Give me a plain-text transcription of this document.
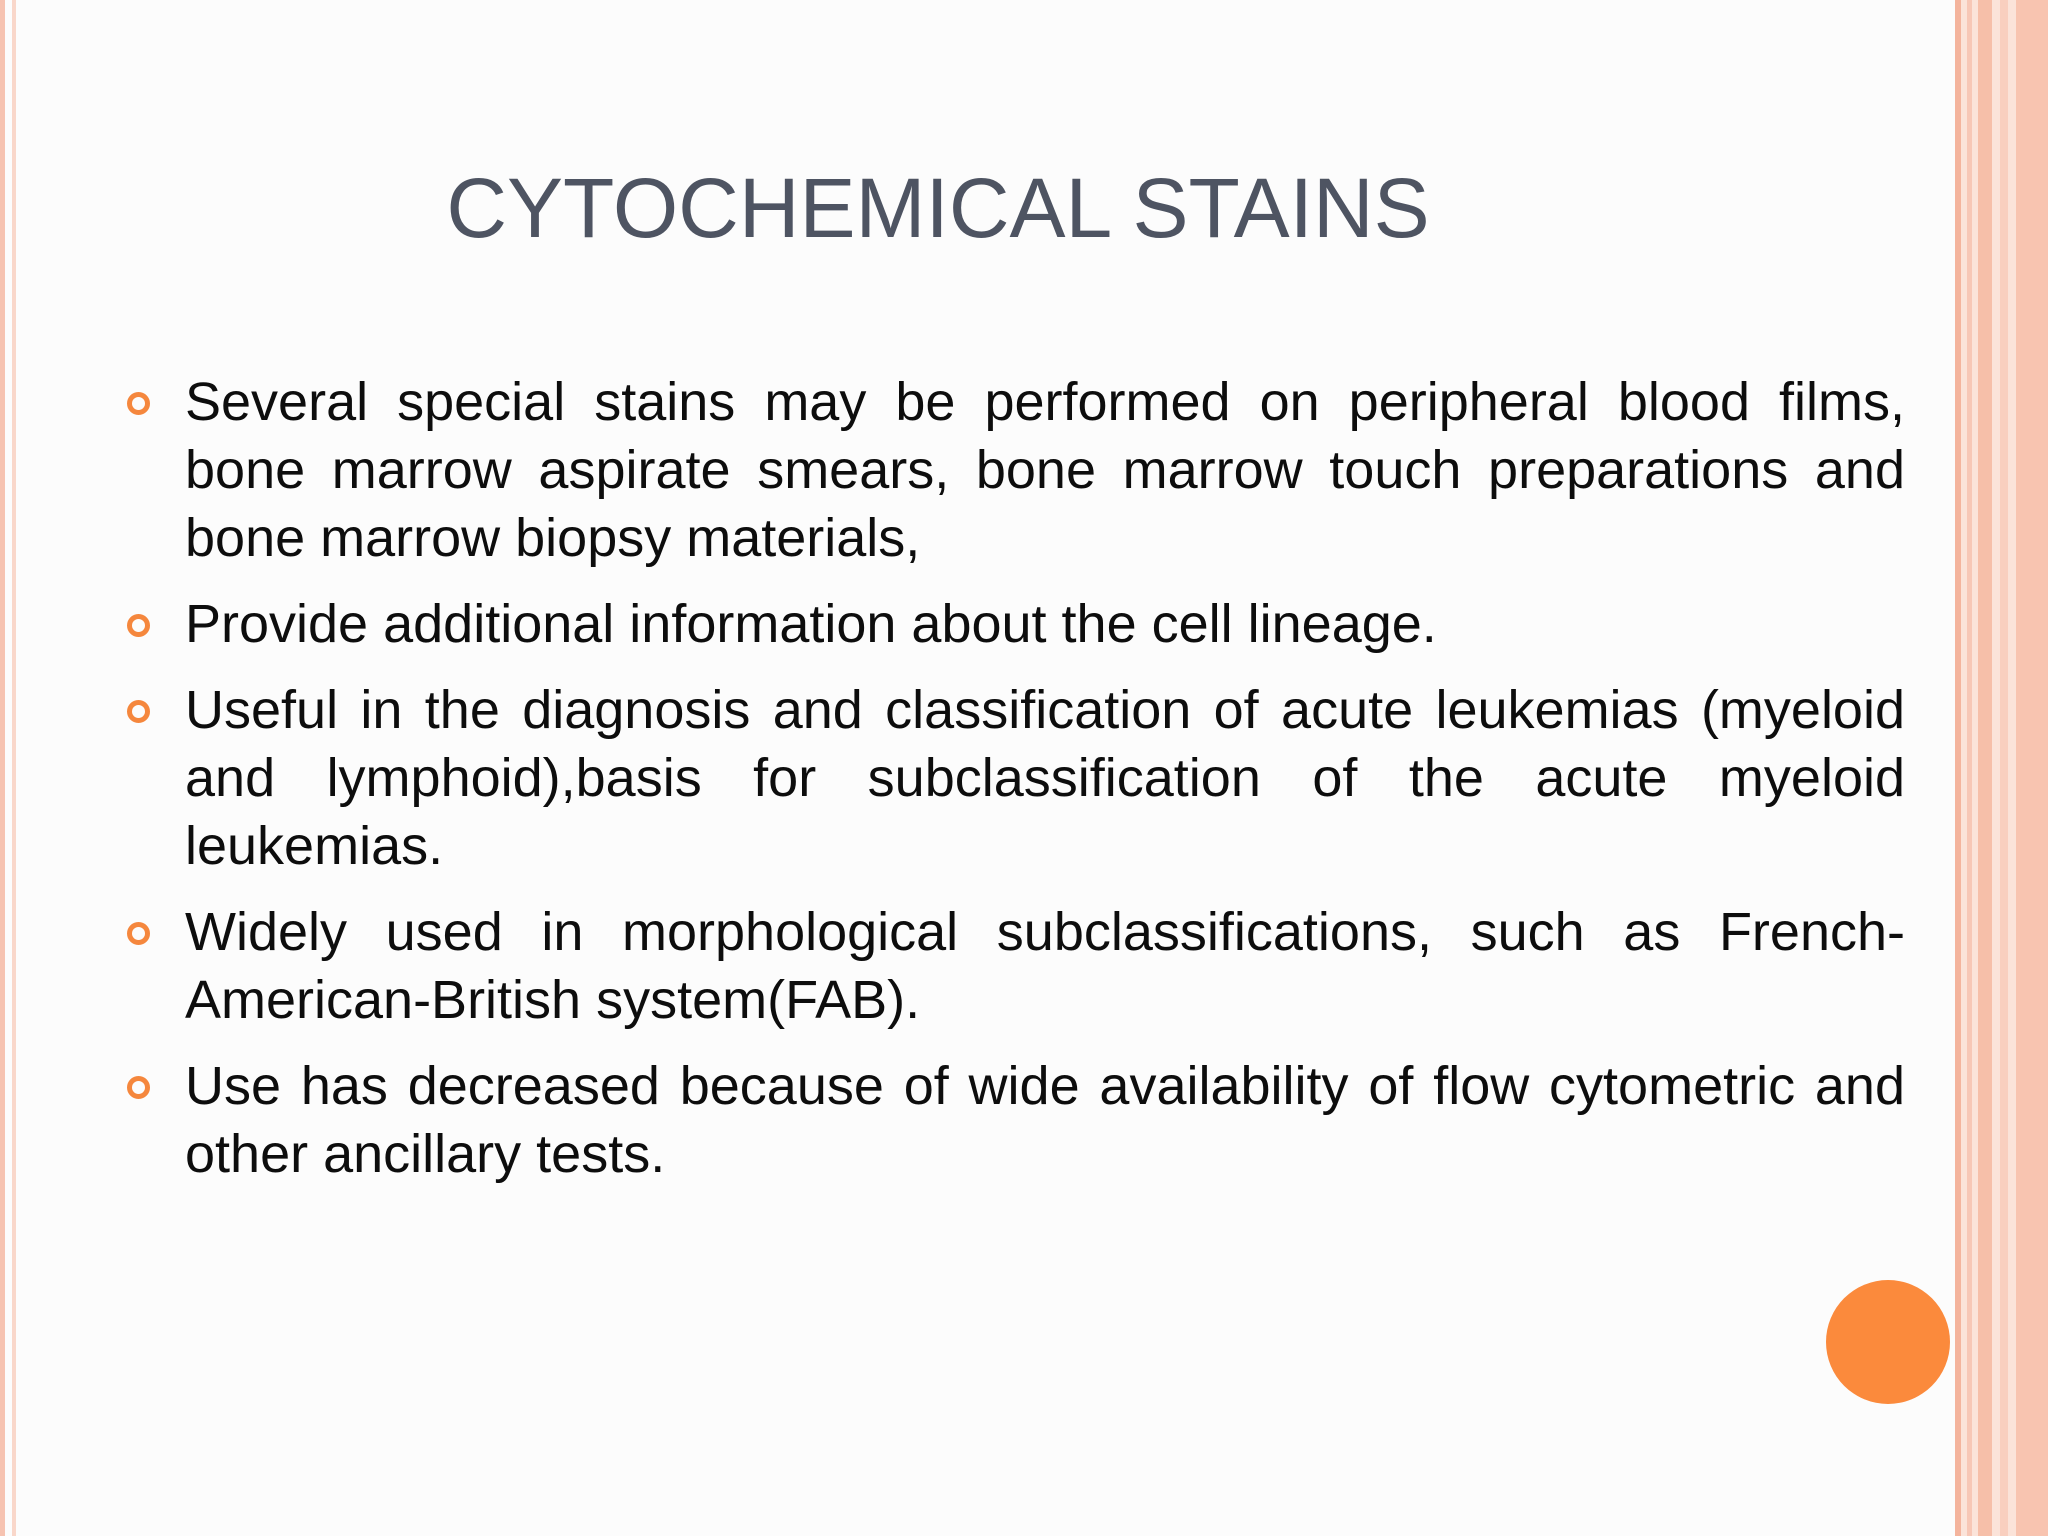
CYTOCHEMICAL STAINS
Several special stains may be performed on peripheral blood films, bone marrow aspirate smears, bone marrow touch preparations and bone marrow biopsy materials,
Provide additional information about the cell lineage.
Useful in the diagnosis and classification of acute leukemias (myeloid and lymphoid),basis for subclassification of the acute myeloid leukemias.
Widely used in morphological subclassifications, such as French-American-British system(FAB).
Use has decreased because of wide availability of flow cytometric and other ancillary tests.
